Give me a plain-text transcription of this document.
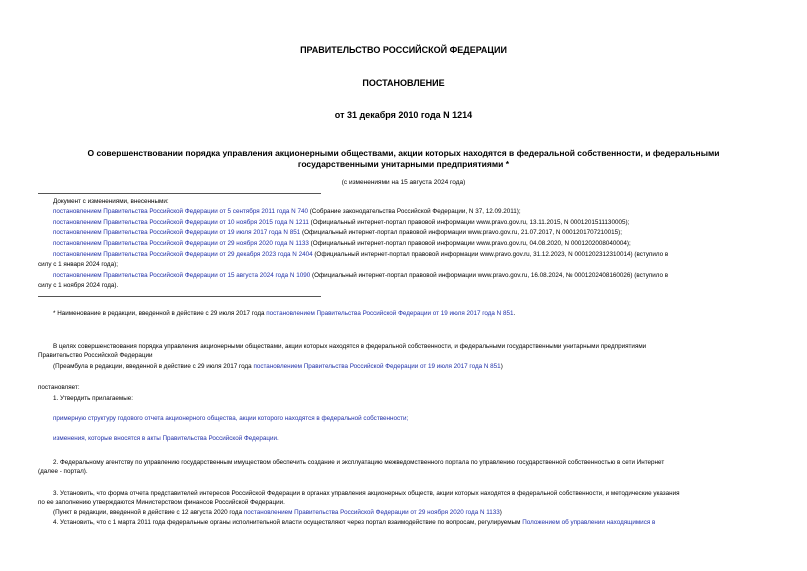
ПРАВИТЕЛЬСТВО РОССИЙСКОЙ ФЕДЕРАЦИИ
ПОСТАНОВЛЕНИЕ
от 31 декабря 2010 года N 1214
О совершенствовании порядка управления акционерными обществами, акции которых находятся в федеральной собственности, и федеральными
государственными унитарными предприятиями *
(с изменениями на 15 августа 2024 года)
Документ с изменениями, внесенными:
постановлением Правительства Российской Федерации от 5 сентября 2011 года N 740 (Собрание законодательства Российской Федерации, N 37, 12.09.2011);
постановлением Правительства Российской Федерации от 10 ноября 2015 года N 1211 (Официальный интернет-портал правовой информации www.pravo.gov.ru, 13.11.2015, N 0001201511130005);
постановлением Правительства Российской Федерации от 19 июля 2017 года N 851 (Официальный интернет-портал правовой информации www.pravo.gov.ru, 21.07.2017, N 0001201707210015);
постановлением Правительства Российской Федерации от 29 ноября 2020 года N 1133 (Официальный интернет-портал правовой информации www.pravo.gov.ru, 04.08.2020, N 0001202008040004);
постановлением Правительства Российской Федерации от 29 декабря 2023 года N 2404 (Официальный интернет-портал правовой информации www.pravo.gov.ru, 31.12.2023, N 0001202312310014) (вступило в
силу с 1 января 2024 года);
постановлением Правительства Российской Федерации от 15 августа 2024 года N 1090 (Официальный интернет-портал правовой информации www.pravo.gov.ru, 16.08.2024, № 0001202408160026) (вступило в
силу с 1 ноября 2024 года).
* Наименование в редакции, введенной в действие с 29 июля 2017 года постановлением Правительства Российской Федерации от 19 июля 2017 года N 851.
В целях совершенствования порядка управления акционерными обществами, акции которых находятся в федеральной собственности, и федеральными государственными унитарными предприятиями
Правительство Российской Федерации
(Преамбула в редакции, введенной в действие с 29 июля 2017 года постановлением Правительства Российской Федерации от 19 июля 2017 года N 851)
постановляет:
1. Утвердить прилагаемые:
примерную структуру годового отчета акционерного общества, акции которого находятся в федеральной собственности;
изменения, которые вносятся в акты Правительства Российской Федерации.
2. Федеральному агентству по управлению государственным имуществом обеспечить создание и эксплуатацию межведомственного портала по управлению государственной собственностью в сети Интернет
(далее - портал).
3. Установить, что форма отчета представителей интересов Российской Федерации в органах управления акционерных обществ, акции которых находятся в федеральной собственности, и методические указания
по ее заполнению утверждаются Министерством финансов Российской Федерации.
(Пункт в редакции, введенной в действие с 12 августа 2020 года постановлением Правительства Российской Федерации от 29 ноября 2020 года N 1133)
4. Установить, что с 1 марта 2011 года федеральные органы исполнительной власти осуществляют через портал взаимодействие по вопросам, регулируемым Положением об управлении находящимися в
